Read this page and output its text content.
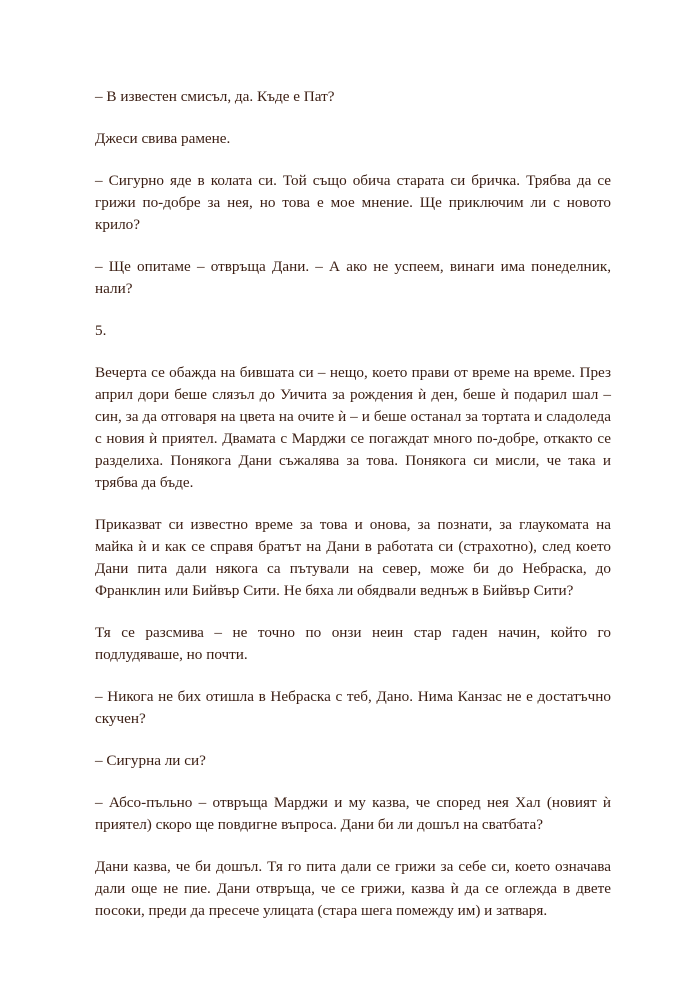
– В известен смисъл, да. Къде е Пат?

Джеси свива рамене.

– Сигурно яде в колата си. Той също обича старата си бричка. Трябва да се грижи по-добре за нея, но това е мое мнение. Ще приключим ли с новото крило?

– Ще опитаме – отвръща Дани. – А ако не успеем, винаги има понеделник, нали?

5.

Вечерта се обажда на бившата си – нещо, което прави от време на време. През април дори беше слязъл до Уичита за рождения ѝ ден, беше ѝ подарил шал – син, за да отговаря на цвета на очите ѝ – и беше останал за тортата и сладоледа с новия ѝ приятел. Двамата с Марджи се погаждат много по-добре, откакто се разделиха. Понякога Дани съжалява за това. Понякога си мисли, че така и трябва да бъде.

Приказват си известно време за това и онова, за познати, за глаукомата на майка ѝ и как се справя братът на Дани в работата си (страхотно), след което Дани пита дали някога са пътували на север, може би до Небраска, до Франклин или Бийвър Сити. Не бяха ли обядвали веднъж в Бийвър Сити?

Тя се разсмива – не точно по онзи неин стар гаден начин, който го подлудяваше, но почти.

– Никога не бих отишла в Небраска с теб, Дано. Нима Канзас не е достатъчно скучен?

– Сигурна ли си?

– Абсо-пъльно – отвръща Марджи и му казва, че според нея Хал (новият ѝ приятел) скоро ще повдигне въпроса. Дани би ли дошъл на сватбата?

Дани казва, че би дошъл. Тя го пита дали се грижи за себе си, което означава дали още не пие. Дани отвръща, че се грижи, казва ѝ да се оглежда в двете посоки, преди да пресече улицата (стара шега помежду им) и затваря.
